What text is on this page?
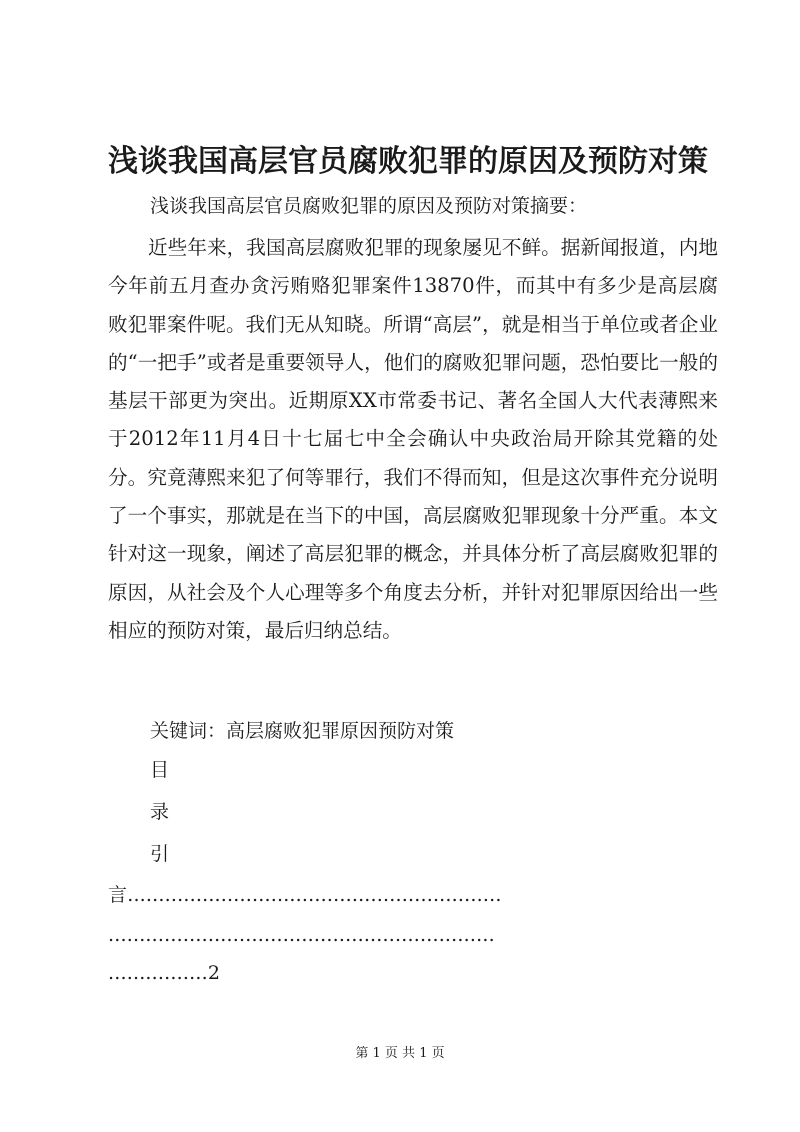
浅谈我国高层官员腐败犯罪的原因及预防对策

浅谈我国高层官员腐败犯罪的原因及预防对策摘要：

近些年来，我国高层腐败犯罪的现象屡见不鲜。据新闻报道，内地今年前五月查办贪污贿赂犯罪案件13870件，而其中有多少是高层腐败犯罪案件呢。我们无从知晓。所谓“高层”，就是相当于单位或者企业的“一把手”或者是重要领导人，他们的腐败犯罪问题，恐怕要比一般的基层干部更为突出。近期原XX市常委书记、著名全国人大代表薄熙来于2012年11月4日十七届七中全会确认中央政治局开除其党籍的处分。究竟薄熙来犯了何等罪行，我们不得而知，但是这次事件充分说明了一个事实，那就是在当下的中国，高层腐败犯罪现象十分严重。本文针对这一现象，阐述了高层犯罪的概念，并具体分析了高层腐败犯罪的原因，从社会及个人心理等多个角度去分析，并针对犯罪原因给出一些相应的预防对策，最后归纳总结。

关键词：高层腐败犯罪原因预防对策

目

录

引

言............................................................

..............................................................

................2

第 1 页 共 1 页
